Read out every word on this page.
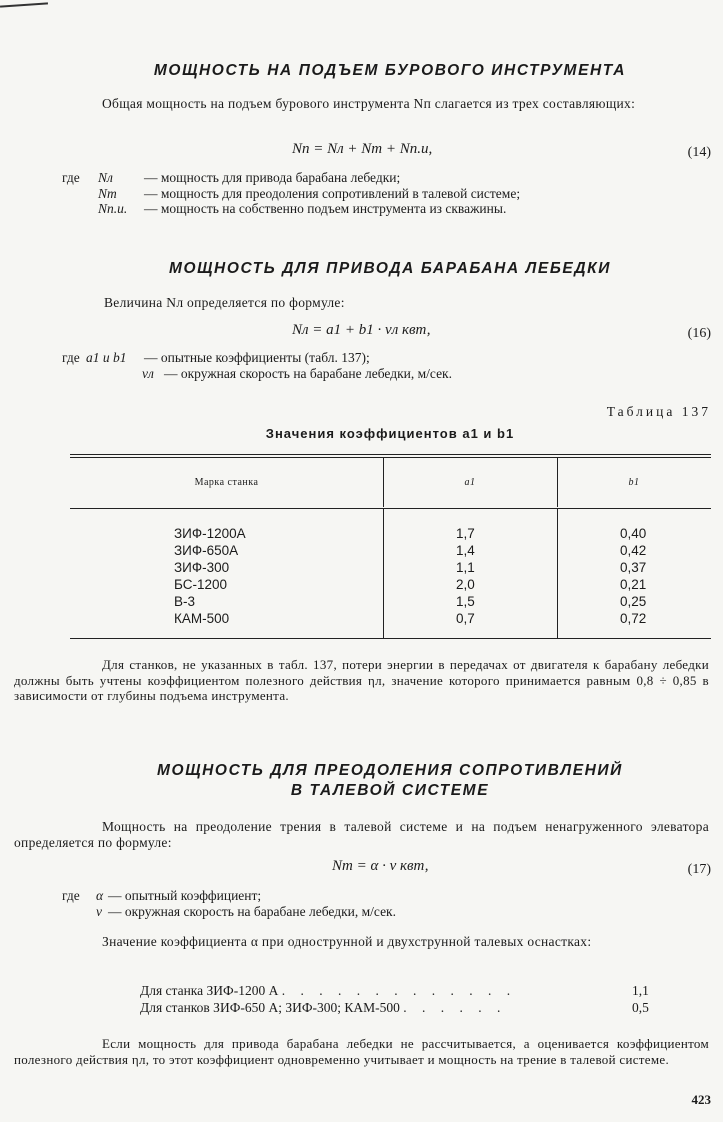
МОЩНОСТЬ НА ПОДЪЕМ БУРОВОГО ИНСТРУМЕНТА
Общая мощность на подъем бурового инструмента Nп слагается из трех составляющих:
Nп = Nл + Nт + Nп.и,	(14)
где Nл — мощность для привода барабана лебедки;
Nт — мощность для преодоления сопротивлений в талевой системе;
Nп.и. — мощность на собственно подъем инструмента из скважины.
МОЩНОСТЬ ДЛЯ ПРИВОДА БАРАБАНА ЛЕБЕДКИ
Величина Nл определяется по формуле:
Nл = a1 + b1 · vл квт,	(16)
где a1 и b1 — опытные коэффициенты (табл. 137);
vл — окружная скорость на барабане лебедки, м/сек.
Таблица 137
Значения коэффициентов a1 и b1
Марка станка	a1	b1
ЗИФ-1200А	1,7	0,40
ЗИФ-650А	1,4	0,42
ЗИФ-300	1,1	0,37
БС-1200	2,0	0,21
В-3	1,5	0,25
КАМ-500	0,7	0,72
Для станков, не указанных в табл. 137, потери энергии в передачах от двигателя к барабану лебедки должны быть учтены коэффициентом полезного действия ηл, значение которого принимается равным 0,8 ÷ 0,85 в зависимости от глубины подъема инструмента.
МОЩНОСТЬ ДЛЯ ПРЕОДОЛЕНИЯ СОПРОТИВЛЕНИЙ
В ТАЛЕВОЙ СИСТЕМЕ
Мощность на преодоление трения в талевой системе и на подъем ненагруженного элеватора определяется по формуле:
Nт = α · v квт,	(17)
где α — опытный коэффициент;
v — окружная скорость на барабане лебедки, м/сек.
Значение коэффициента α при однострунной и двухструнной талевых оснастках:
Для станка ЗИФ-1200 А . . . . . . . . . . . . .	1,1
Для станков ЗИФ-650 А; ЗИФ-300; КАМ-500 . . . . . .	0,5
Если мощность для привода барабана лебедки не рассчитывается, а оценивается коэффициентом полезного действия ηл, то этот коэффициент одновременно учитывает и мощность на трение в талевой системе.
423
